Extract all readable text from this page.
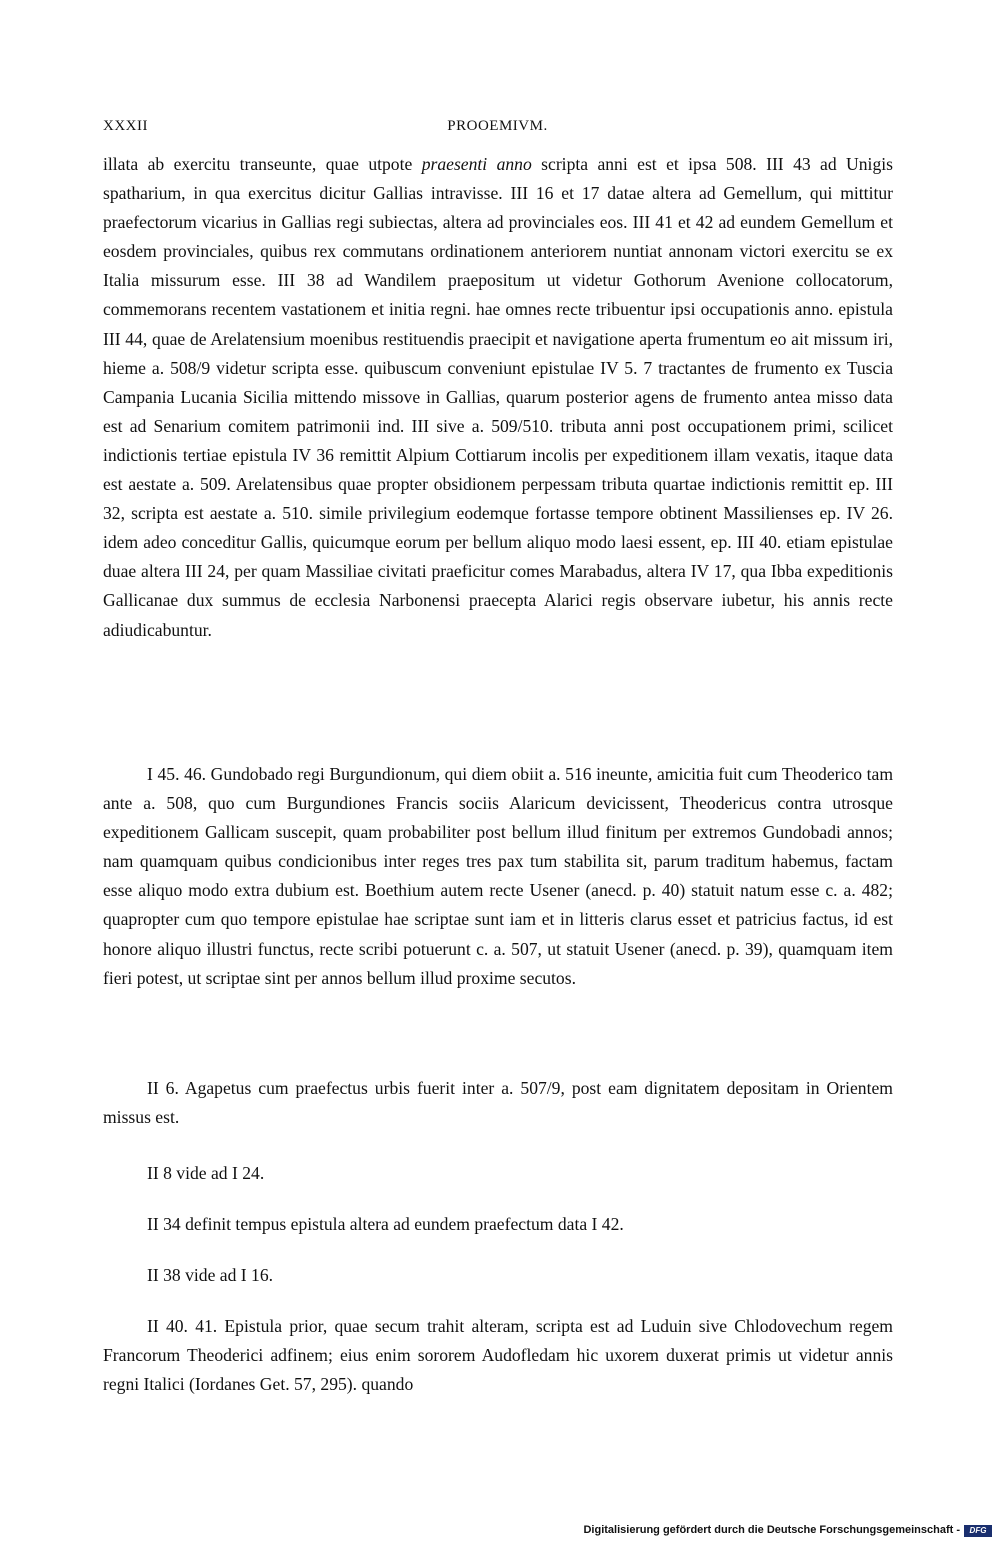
XXXII	PROOEMIVM.
illata ab exercitu transeunte, quae utpote praesenti anno scripta anni est et ipsa 508. III 43 ad Unigis spatharium, in qua exercitus dicitur Gallias intravisse. III 16 et 17 datae altera ad Gemellum, qui mittitur praefectorum vicarius in Gallias regi subiectas, altera ad provinciales eos. III 41 et 42 ad eundem Gemellum et eosdem provinciales, quibus rex commutans ordinationem anteriorem nuntiat annonam victori exercitu se ex Italia missurum esse. III 38 ad Wandilem praepositum ut videtur Gothorum Avenione collocatorum, commemorans recentem vastationem et initia regni. hae omnes recte tribuentur ipsi occupationis anno. epistula III 44, quae de Arelatensium moenibus restituendis praecipit et navigatione aperta frumentum eo ait missum iri, hieme a. 508/9 videtur scripta esse. quibuscum conveniunt epistulae IV 5. 7 tractantes de frumento ex Tuscia Campania Lucania Sicilia mittendo missove in Gallias, quarum posterior agens de frumento antea misso data est ad Senarium comitem patrimonii ind. III sive a. 509/510. tributa anni post occupationem primi, scilicet indictionis tertiae epistula IV 36 remittit Alpium Cottiarum incolis per expeditionem illam vexatis, itaque data est aestate a. 509. Arelatensibus quae propter obsidionem perpessam tributa quartae indictionis remittit ep. III 32, scripta est aestate a. 510. simile privilegium eodemque fortasse tempore obtinent Massilienses ep. IV 26. idem adeo conceditur Gallis, quicumque eorum per bellum aliquo modo laesi essent, ep. III 40. etiam epistulae duae altera III 24, per quam Massiliae civitati praeficitur comes Marabadus, altera IV 17, qua Ibba expeditionis Gallicanae dux summus de ecclesia Narbonensi praecepta Alarici regis observare iubetur, his annis recte adiudicabuntur.
I 45. 46. Gundobado regi Burgundionum, qui diem obiit a. 516 ineunte, amicitia fuit cum Theoderico tam ante a. 508, quo cum Burgundiones Francis sociis Alaricum devicissent, Theodericus contra utrosque expeditionem Gallicam suscepit, quam probabiliter post bellum illud finitum per extremos Gundobadi annos; nam quamquam quibus condicionibus inter reges tres pax tum stabilita sit, parum traditum habemus, factam esse aliquo modo extra dubium est. Boethium autem recte Usener (anecd. p. 40) statuit natum esse c. a. 482; quapropter cum quo tempore epistulae hae scriptae sunt iam et in litteris clarus esset et patricius factus, id est honore aliquo illustri functus, recte scribi potuerunt c. a. 507, ut statuit Usener (anecd. p. 39), quamquam item fieri potest, ut scriptae sint per annos bellum illud proxime secutos.
II 6. Agapetus cum praefectus urbis fuerit inter a. 507/9, post eam dignitatem depositam in Orientem missus est.
II 8 vide ad I 24.
II 34 definit tempus epistula altera ad eundem praefectum data I 42.
II 38 vide ad I 16.
II 40. 41. Epistula prior, quae secum trahit alteram, scripta est ad Luduin sive Chlodovechum regem Francorum Theoderici adfinem; eius enim sororem Audofledam hic uxorem duxerat primis ut videtur annis regni Italici (Iordanes Get. 57, 295). quando
Digitalisierung gefördert durch die Deutsche Forschungsgemeinschaft -	DFG
